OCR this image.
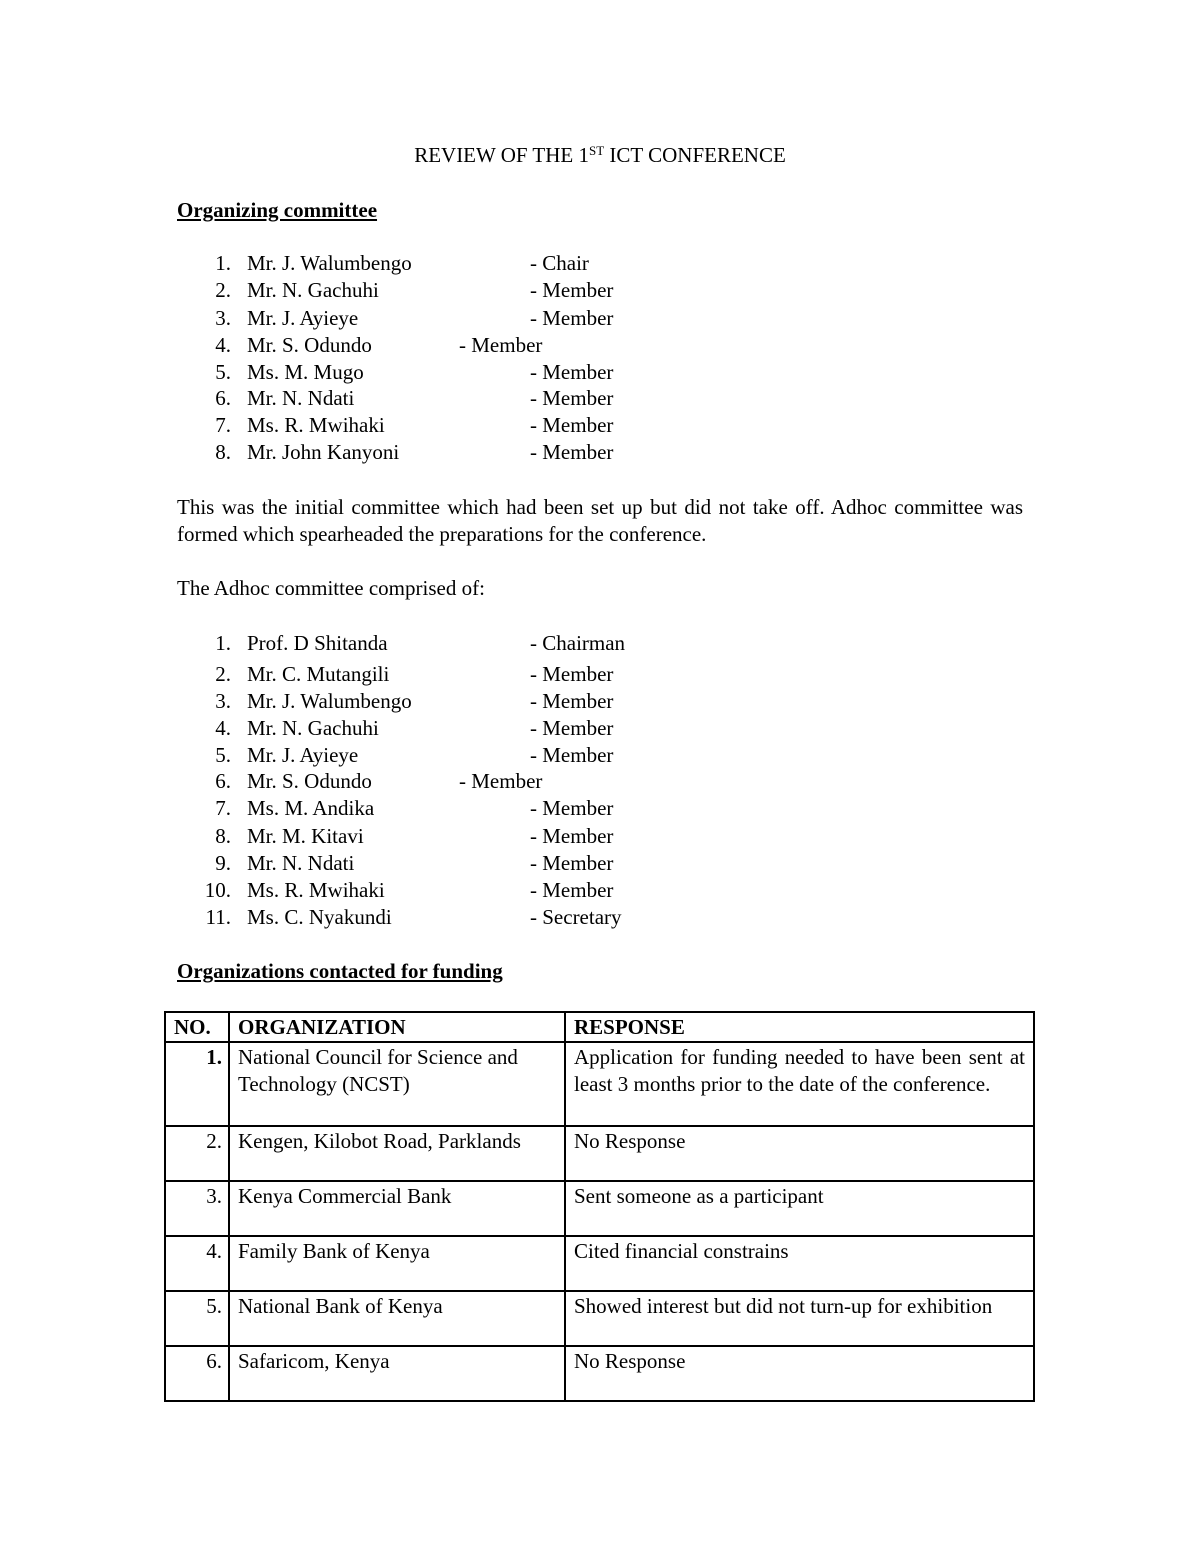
REVIEW OF THE 1ST ICT CONFERENCE
Organizing committee
1. Mr. J. Walumbengo	- Chair
2. Mr. N. Gachuhi	- Member
3. Mr. J. Ayieye	- Member
4. Mr. S. Odundo	- Member
5. Ms. M. Mugo	- Member
6. Mr. N. Ndati	- Member
7. Ms. R. Mwihaki	- Member
8. Mr. John Kanyoni	- Member
This was the initial committee which had been set up but did not take off. Adhoc committee was formed which spearheaded the preparations for the conference.
The Adhoc committee comprised of:
1. Prof. D Shitanda	- Chairman
2. Mr. C. Mutangili	- Member
3. Mr. J. Walumbengo	- Member
4. Mr. N. Gachuhi	- Member
5. Mr. J. Ayieye	- Member
6. Mr. S. Odundo	- Member
7. Ms. M. Andika	- Member
8. Mr. M. Kitavi	- Member
9. Mr. N. Ndati	- Member
10. Ms. R. Mwihaki	- Member
11. Ms. C. Nyakundi	- Secretary
Organizations contacted for funding
NO.	ORGANIZATION	RESPONSE
1.	National Council for Science and Technology (NCST)	Application for funding needed to have been sent at least 3 months prior to the date of the conference.
2.	Kengen, Kilobot Road, Parklands	No Response
3.	Kenya Commercial Bank	Sent someone as a participant
4.	Family Bank of Kenya	Cited financial constrains
5.	National Bank of Kenya	Showed interest but did not turn-up for exhibition
6.	Safaricom, Kenya	No Response
